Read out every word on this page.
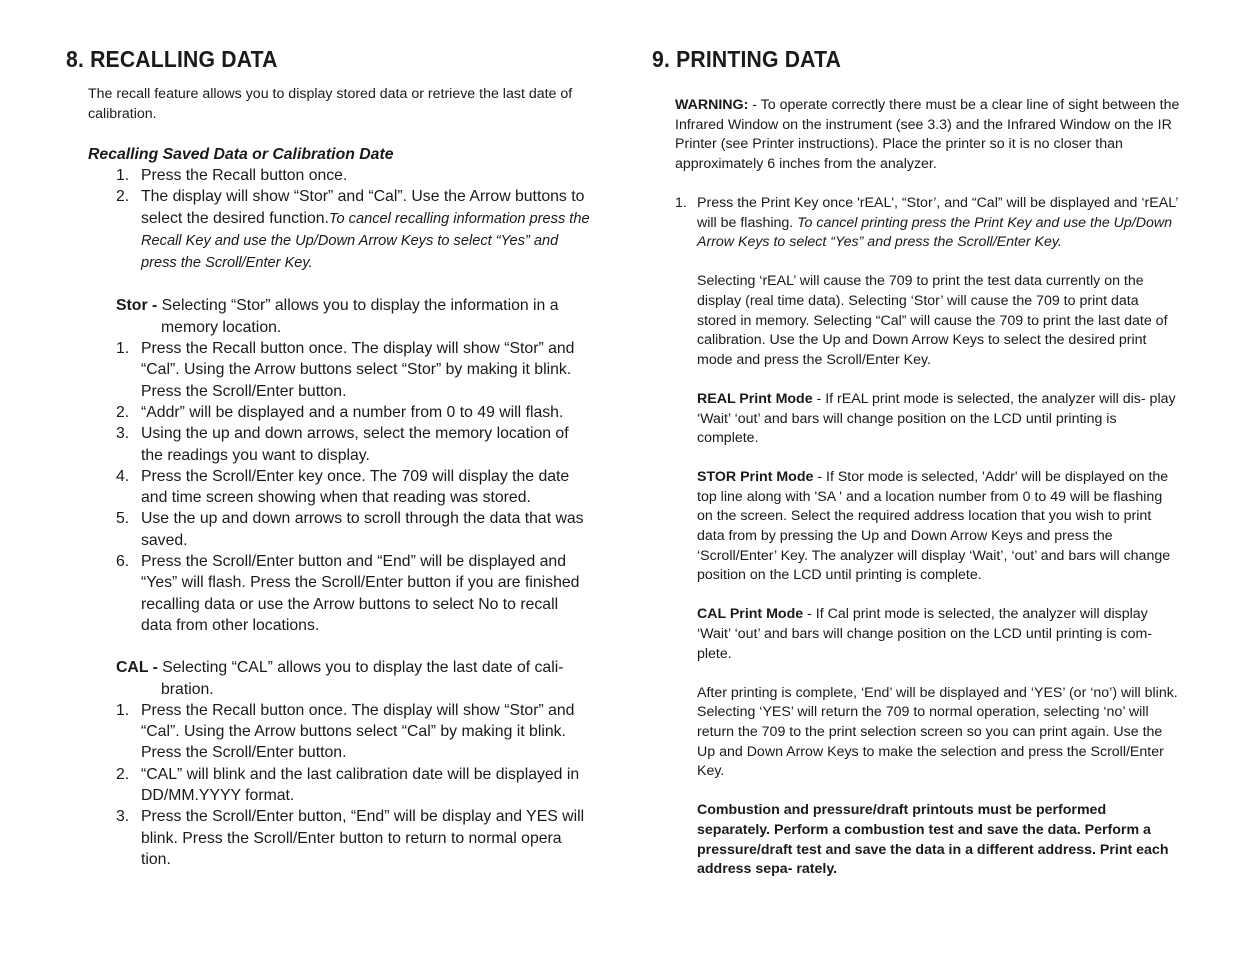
8. RECALLING DATA

The recall feature allows you to display stored data or retrieve the last date of calibration.

Recalling Saved Data or Calibration Date

1. Press the Recall button once.
2. The display will show “Stor” and “Cal”. Use the Arrow buttons to select the desired function.To cancel recalling information press the Recall Key and use the Up/Down Arrow Keys to select “Yes” and press the Scroll/Enter Key.
Stor - Selecting “Stor” allows you to display the information in a
memory location.
1. Press the Recall button once. The display will show “Stor” and “Cal”. Using the Arrow buttons select “Stor” by making it blink. Press the Scroll/Enter button.
2. “Addr” will be displayed and a number from 0 to 49 will flash.
3. Using the up and down arrows, select the memory location of the readings you want to display.
4. Press the Scroll/Enter key once. The 709 will display the date and time screen showing when that reading was stored.
5. Use the up and down arrows to scroll through the data that was saved.
6. Press the Scroll/Enter button and “End” will be displayed and “Yes” will flash. Press the Scroll/Enter button if you are finished recalling data or use the Arrow buttons to select No to recall data from other locations.
CAL - Selecting “CAL” allows you to display the last date of cali-
bration.
1. Press the Recall button once. The display will show “Stor” and “Cal”. Using the Arrow buttons select “Cal” by making it blink. Press the Scroll/Enter button.
2. “CAL” will blink and the last calibration date will be displayed in DD/MM.YYYY format.
3. Press the Scroll/Enter button, “End” will be display and YES will blink. Press the Scroll/Enter button to return to normal opera tion.
9. PRINTING DATA

WARNING: - To operate correctly there must be a clear line of sight between the Infrared Window on the instrument (see 3.3) and the Infrared Window on the IR Printer (see Printer instructions). Place the printer so it is no closer than approximately 6 inches from the analyzer.

1. Press the Print Key once 'rEAL', “Stor’, and “Cal” will be displayed and ‘rEAL’ will be flashing. To cancel printing press the Print Key and use the Up/Down Arrow Keys to select “Yes” and press the Scroll/Enter Key.

Selecting ‘rEAL’ will cause the 709 to print the test data currently on the display (real time data). Selecting ‘Stor’ will cause the 709 to print data stored in memory. Selecting “Cal” will cause the 709 to print the last date of calibration. Use the Up and Down Arrow Keys to select the desired print mode and press the Scroll/Enter Key.

REAL Print Mode - If rEAL print mode is selected, the analyzer will dis- play ‘Wait’ ‘out’ and bars will change position on the LCD until printing is complete.

STOR Print Mode - If Stor mode is selected, 'Addr' will be displayed on the top line along with 'SA ' and a location number from 0 to 49 will be flashing on the screen. Select the required address location that you wish to print data from by pressing the Up and Down Arrow Keys and press the ‘Scroll/Enter’ Key. The analyzer will display ‘Wait’, ‘out’ and bars will change position on the LCD until printing is complete.

CAL Print Mode - If Cal print mode is selected, the analyzer will display ‘Wait’ ‘out’ and bars will change position on the LCD until printing is com- plete.

After printing is complete, ‘End’ will be displayed and ‘YES’ (or ‘no’) will blink. Selecting ‘YES’ will return the 709 to normal operation, selecting ‘no’ will return the 709 to the print selection screen so you can print again. Use the Up and Down Arrow Keys to make the selection and press the Scroll/Enter Key.

Combustion and pressure/draft printouts must be performed separately. Perform a combustion test and save the data. Perform a pressure/draft test and save the data in a different address. Print each address sepa- rately.
